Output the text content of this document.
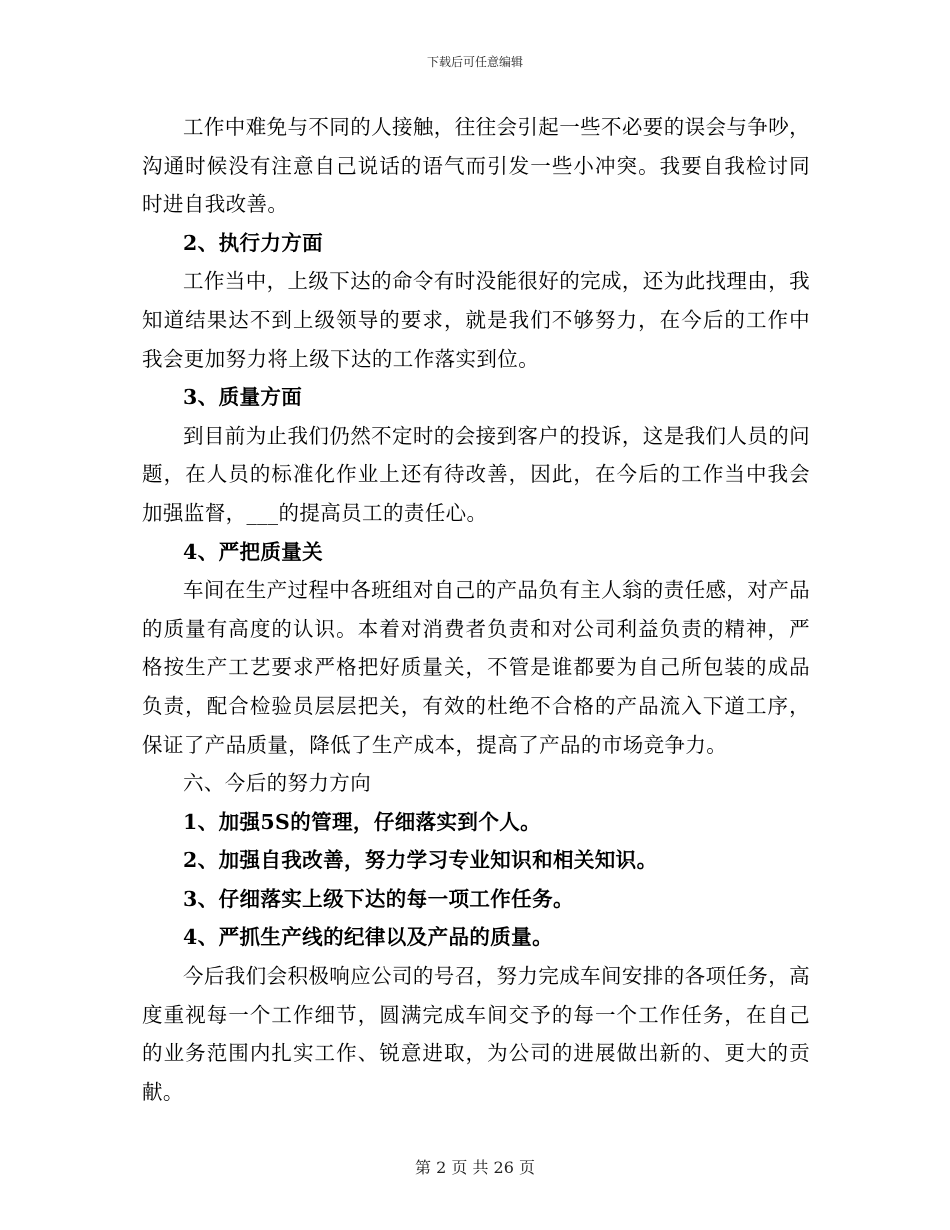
下载后可任意编辑

工作中难免与不同的人接触，往往会引起一些不必要的误会与争吵，沟通时候没有注意自己说话的语气而引发一些小冲突。我要自我检讨同时进自我改善。

2、执行力方面

工作当中，上级下达的命令有时没能很好的完成，还为此找理由，我知道结果达不到上级领导的要求，就是我们不够努力，在今后的工作中我会更加努力将上级下达的工作落实到位。

3、质量方面

到目前为止我们仍然不定时的会接到客户的投诉，这是我们人员的问题，在人员的标准化作业上还有待改善，因此，在今后的工作当中我会加强监督，___的提高员工的责任心。

4、严把质量关

车间在生产过程中各班组对自己的产品负有主人翁的责任感，对产品的质量有高度的认识。本着对消费者负责和对公司利益负责的精神，严格按生产工艺要求严格把好质量关，不管是谁都要为自己所包装的成品负责，配合检验员层层把关，有效的杜绝不合格的产品流入下道工序，保证了产品质量，降低了生产成本，提高了产品的市场竞争力。

六、今后的努力方向

1、加强5S的管理，仔细落实到个人。

2、加强自我改善，努力学习专业知识和相关知识。

3、仔细落实上级下达的每一项工作任务。

4、严抓生产线的纪律以及产品的质量。

今后我们会积极响应公司的号召，努力完成车间安排的各项任务，高度重视每一个工作细节，圆满完成车间交予的每一个工作任务，在自己的业务范围内扎实工作、锐意进取，为公司的进展做出新的、更大的贡献。

第 2 页 共 26 页
